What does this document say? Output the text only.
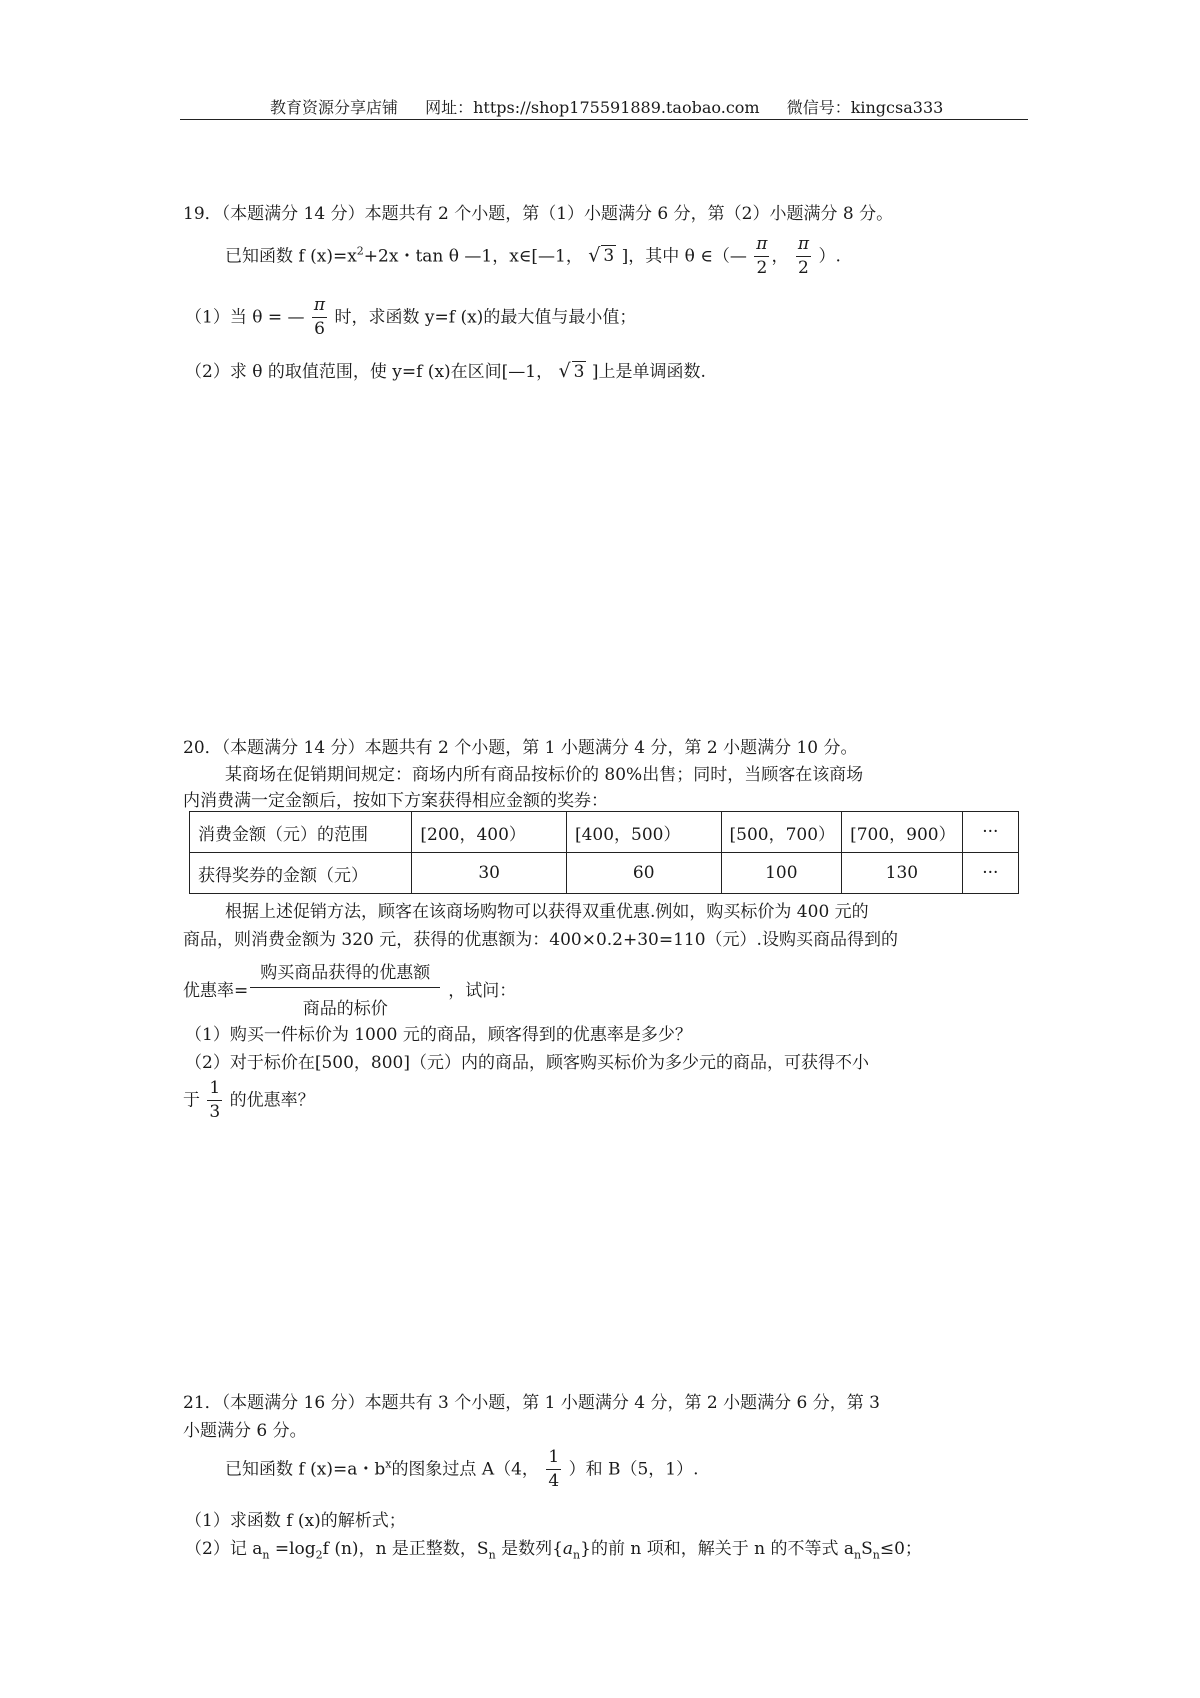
教育资源分享店铺 网址：https://shop175591889.taobao.com 微信号：kingcsa333
19．（本题满分 14 分）本题共有 2 个小题，第（1）小题满分 6 分，第（2）小题满分 8 分。
已知函数 f $(x)=x^2+2x$・tan θ —1，x∈[—1， √ 3 ]，其中 θ ∈（— $\frac{\pi}{2}$ ， $\frac{\pi}{2}$ ）.
（1）当 θ = — $\frac{\pi}{6}$ 时，求函数 y=f (x)的最大值与最小值；
（2）求 θ 的取值范围，使 y=f (x)在区间[—1， √ 3 ]上是单调函数.
20．（本题满分 14 分）本题共有 2 个小题，第 1 小题满分 4 分，第 2 小题满分 10 分。
某商场在促销期间规定：商场内所有商品按标价的 80%出售；同时，当顾客在该商场
内消费满一定金额后，按如下方案获得相应金额的奖券：
消费金额（元）的范围	[200，400）	[400，500）	[500，700）	[700，900）	···
获得奖券的金额（元）	30	60	100	130	···
根据上述促销方法，顾客在该商场购物可以获得双重优惠.例如，购买标价为 400 元的
商品，则消费金额为 320 元，获得的优惠额为：400×0.2+30=110（元）.设购买商品得到的
优惠率= $\frac{\text{购买商品获得的优惠额}}{\text{商品的标价}}$ ，试问：
（1）购买一件标价为 1000 元的商品，顾客得到的优惠率是多少？
（2）对于标价在[500，800]（元）内的商品，顾客购买标价为多少元的商品，可获得不小
于 $\frac{1}{3}$ 的优惠率？
21．（本题满分 16 分）本题共有 3 个小题，第 1 小题满分 4 分，第 2 小题满分 6 分，第 3
小题满分 6 分。
已知函数 f (x)=a・$b^x$的图象过点 A（4， $\frac{1}{4}$ ）和 B（5，1）.
（1）求函数 f (x)的解析式；
（2）记 $a_n =\log_2f$ (n)，n 是正整数，$S_n$ 是数列$\{a_n\}$的前 n 项和，解关于 n 的不等式 $a_nS_n\le 0$；
